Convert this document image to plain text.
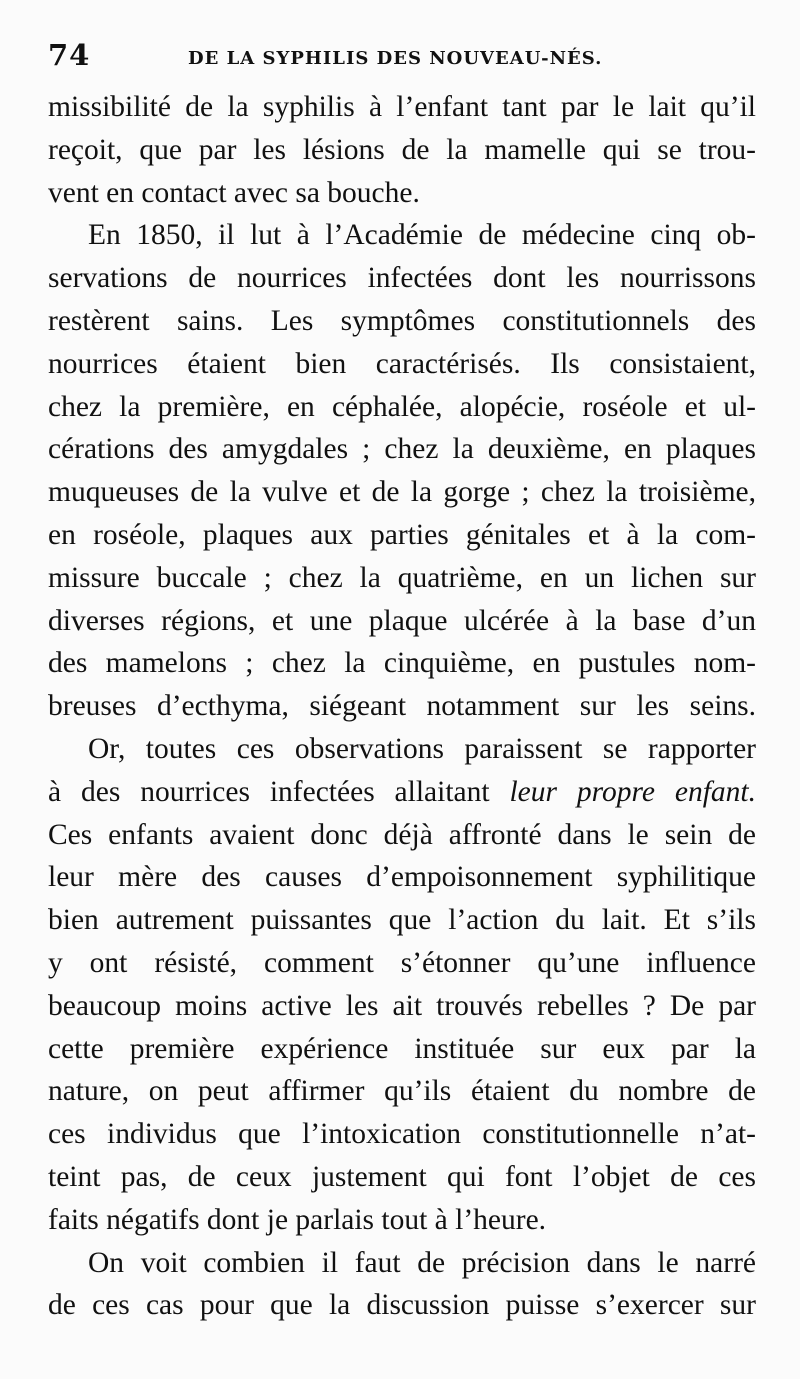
74	DE LA SYPHILIS DES NOUVEAU-NÉS.
missibilité de la syphilis à l’enfant tant par le lait qu’il
reçoit, que par les lésions de la mamelle qui se trou-
vent en contact avec sa bouche.
En 1850, il lut à l’Académie de médecine cinq ob-
servations de nourrices infectées dont les nourrissons
restèrent sains. Les symptômes constitutionnels des
nourrices étaient bien caractérisés. Ils consistaient,
chez la première, en céphalée, alopécie, roséole et ul-
cérations des amygdales ; chez la deuxième, en plaques
muqueuses de la vulve et de la gorge ; chez la troisième,
en roséole, plaques aux parties génitales et à la com-
missure buccale ; chez la quatrième, en un lichen sur
diverses régions, et une plaque ulcérée à la base d’un
des mamelons ; chez la cinquième, en pustules nom-
breuses d’ecthyma, siégeant notamment sur les seins.
Or, toutes ces observations paraissent se rapporter
à des nourrices infectées allaitant leur propre enfant.
Ces enfants avaient donc déjà affronté dans le sein de
leur mère des causes d’empoisonnement syphilitique
bien autrement puissantes que l’action du lait. Et s’ils
y ont résisté, comment s’étonner qu’une influence
beaucoup moins active les ait trouvés rebelles ? De par
cette première expérience instituée sur eux par la
nature, on peut affirmer qu’ils étaient du nombre de
ces individus que l’intoxication constitutionnelle n’at-
teint pas, de ceux justement qui font l’objet de ces
faits négatifs dont je parlais tout à l’heure.
On voit combien il faut de précision dans le narré
de ces cas pour que la discussion puisse s’exercer sur
